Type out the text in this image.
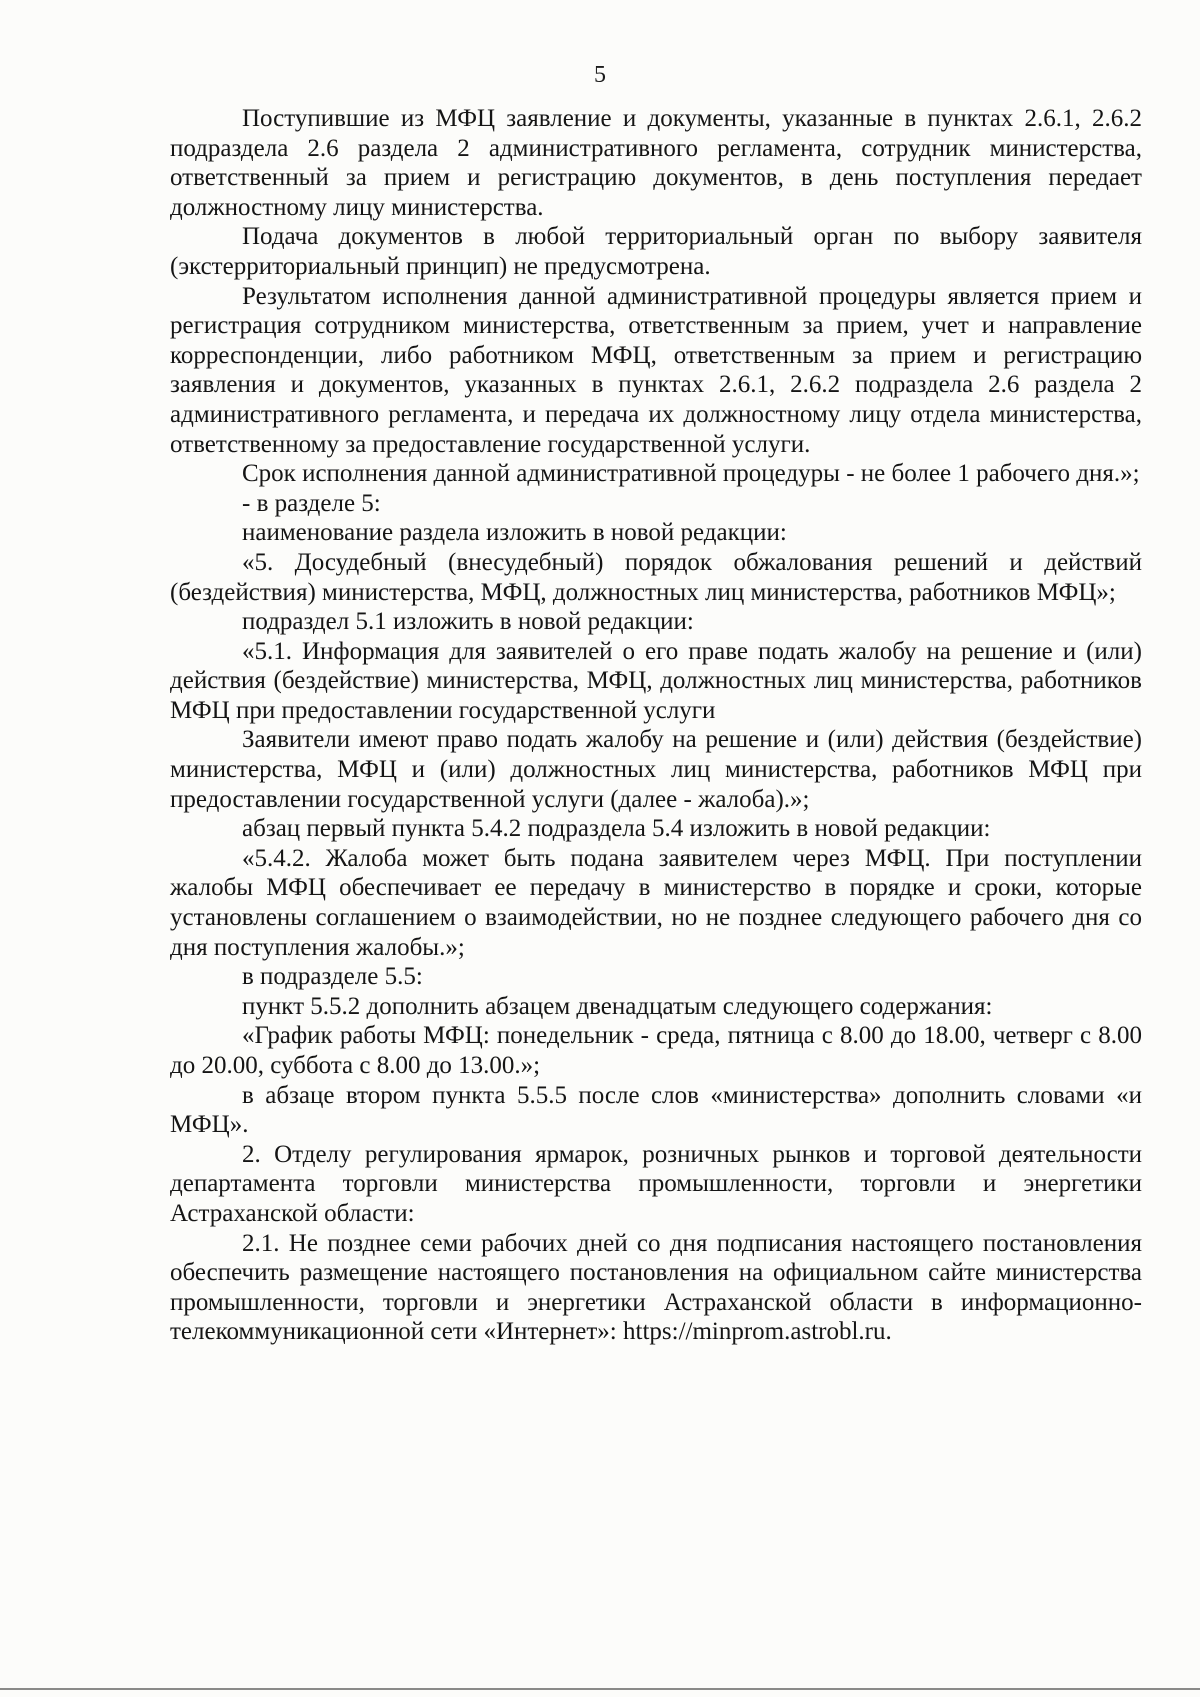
5

Поступившие из МФЦ заявление и документы, указанные в пунктах 2.6.1, 2.6.2 подраздела 2.6 раздела 2 административного регламента, сотрудник министерства, ответственный за прием и регистрацию документов, в день поступления передает должностному лицу министерства.

Подача документов в любой территориальный орган по выбору заявителя (экстерриториальный принцип) не предусмотрена.

Результатом исполнения данной административной процедуры является прием и регистрация сотрудником министерства, ответственным за прием, учет и направление корреспонденции, либо работником МФЦ, ответственным за прием и регистрацию заявления и документов, указанных в пунктах 2.6.1, 2.6.2 подраздела 2.6 раздела 2 административного регламента, и передача их должностному лицу отдела министерства, ответственному за предоставление государственной услуги.

Срок исполнения данной административной процедуры - не более 1 рабочего дня.»;

- в разделе 5:

наименование раздела изложить в новой редакции:

«5. Досудебный (внесудебный) порядок обжалования решений и действий (бездействия) министерства, МФЦ, должностных лиц министерства, работников МФЦ»;

подраздел 5.1 изложить в новой редакции:

«5.1. Информация для заявителей о его праве подать жалобу на решение и (или) действия (бездействие) министерства, МФЦ, должностных лиц министерства, работников МФЦ при предоставлении государственной услуги

Заявители имеют право подать жалобу на решение и (или) действия (бездействие) министерства, МФЦ и (или) должностных лиц министерства, работников МФЦ при предоставлении государственной услуги (далее - жалоба).»;

абзац первый пункта 5.4.2 подраздела 5.4 изложить в новой редакции:

«5.4.2. Жалоба может быть подана заявителем через МФЦ. При поступлении жалобы МФЦ обеспечивает ее передачу в министерство в порядке и сроки, которые установлены соглашением о взаимодействии, но не позднее следующего рабочего дня со дня поступления жалобы.»;

в подразделе 5.5:

пункт 5.5.2 дополнить абзацем двенадцатым следующего содержания:

«График работы МФЦ: понедельник - среда, пятница с 8.00 до 18.00, четверг с 8.00 до 20.00, суббота с 8.00 до 13.00.»;

в абзаце втором пункта 5.5.5 после слов «министерства» дополнить словами «и МФЦ».

2. Отделу регулирования ярмарок, розничных рынков и торговой деятельности департамента торговли министерства промышленности, торговли и энергетики Астраханской области:

2.1. Не позднее семи рабочих дней со дня подписания настоящего постановления обеспечить размещение настоящего постановления на официальном сайте министерства промышленности, торговли и энергетики Астраханской области в информационно-телекоммуникационной сети «Интернет»: https://minprom.astrobl.ru.
